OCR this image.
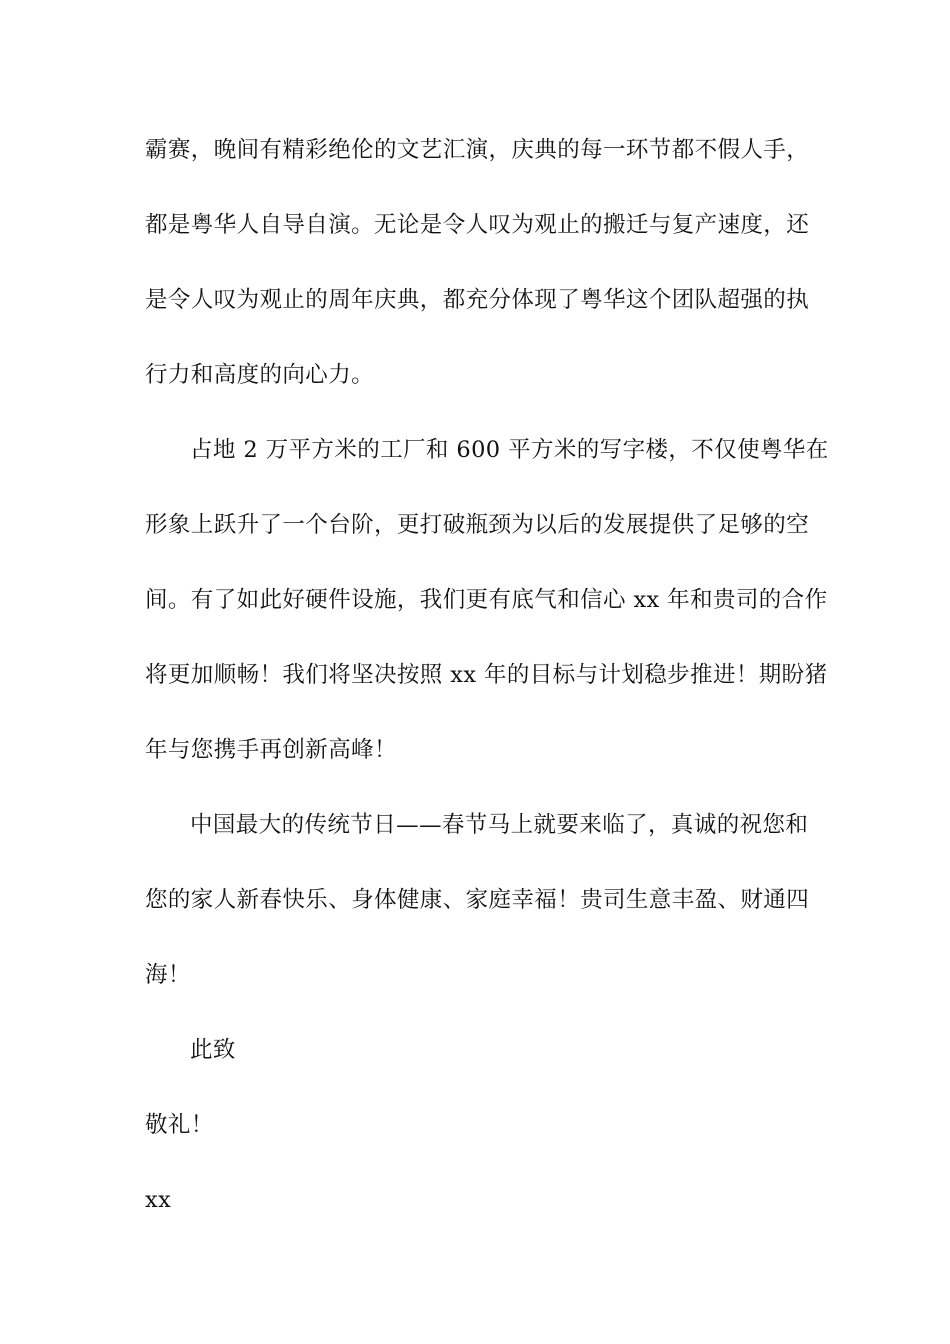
霸赛，晚间有精彩绝伦的文艺汇演，庆典的每一环节都不假人手，
都是粤华人自导自演。无论是令人叹为观止的搬迁与复产速度，还
是令人叹为观止的周年庆典，都充分体现了粤华这个团队超强的执
行力和高度的向心力。
占地 2 万平方米的工厂和 600 平方米的写字楼，不仅使粤华在
形象上跃升了一个台阶，更打破瓶颈为以后的发展提供了足够的空
间。有了如此好硬件设施，我们更有底气和信心 xx 年和贵司的合作
将更加顺畅！我们将坚决按照 xx 年的目标与计划稳步推进！期盼猪
年与您携手再创新高峰！
中国最大的传统节日——春节马上就要来临了，真诚的祝您和
您的家人新春快乐、身体健康、家庭幸福！贵司生意丰盈、财通四
海！
此致
敬礼！
xx
